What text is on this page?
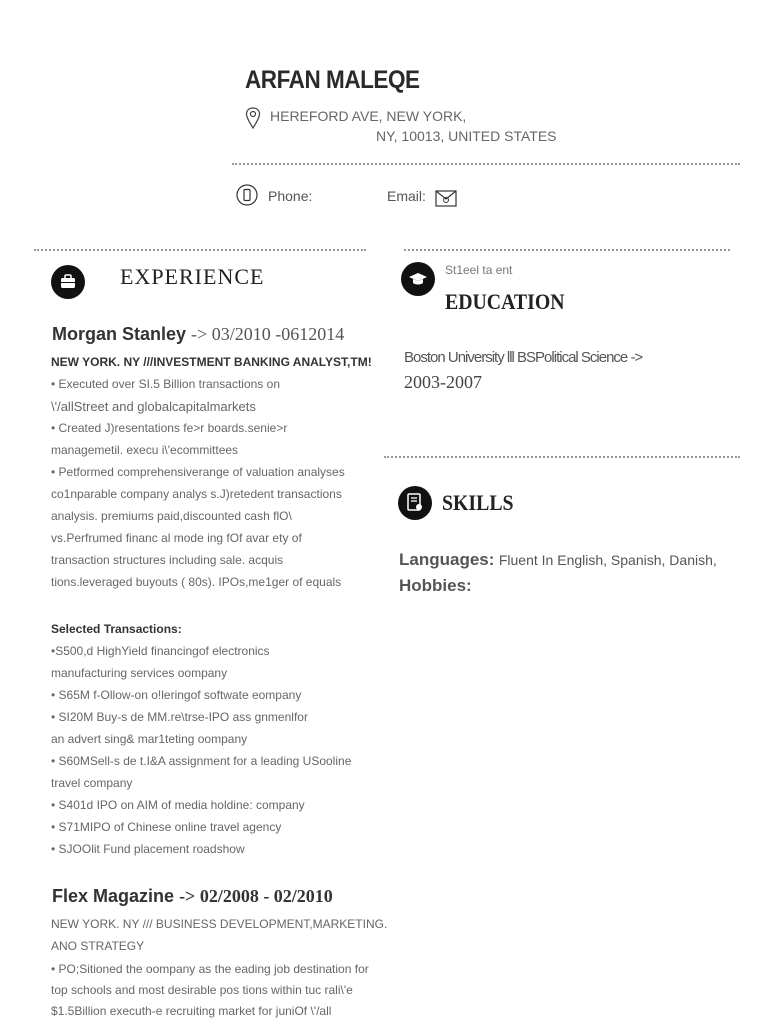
ARFAN MALEQE
HEREFORD AVE, NEW YORK,
NY, 10013, UNITED STATES
Phone:	Email:
EXPERIENCE
Morgan Stanley -> 03/2010 -0612014
NEW YORK. NY ///INVESTMENT BANKING ANALYST,TM!
• Executed over SI.5 Billion transactions on
\'/allStreet and globalcapitalmarkets
• Created J)resentations fe>r boards.senie>r
managemetil. execu i\'ecommittees
• Petformed comprehensiverange of valuation analyses
co1nparable company analys s.J)retedent transactions
analysis. premiums paid,discounted cash flO\
vs.Perfrumed financ al mode ing fOf avar ety of
transaction structures including sale. acquis
tions.leveraged buyouts ( 80s). IPOs,me1ger of equals
Selected Transactions:
•S500,d HighYield financingof electronics
manufacturing services oompany
• S65M f-Ollow-on o!leringof softwate eompany
• SI20M Buy-s de MM.re\trse-IPO ass gnmenlfor
an advert sing& mar1teting oompany
• S60MSell-s de t.I&A assignment for a leading USooline
travel company
• S401d IPO on AIM of media holdine: company
• S71MIPO of Chinese online travel agency
• SJOOlit Fund placement roadshow
Flex Magazine -> 02/2008 - 02/2010
NEW YORK. NY /// BUSINESS DEVELOPMENT,MARKETING.
ANO STRATEGY
• PO;Sitioned the oompany as the eading job destination for
top schools and most desirable pos tions within tuc rali\'e
$1.5Billion executh-e recruiting market for juniOf \'/all
St1eel ta ent
EDUCATION
Boston University lll BSPolitical Science ->
2003-2007
SKILLS
Languages: Fluent In English, Spanish, Danish,
Hobbies:
